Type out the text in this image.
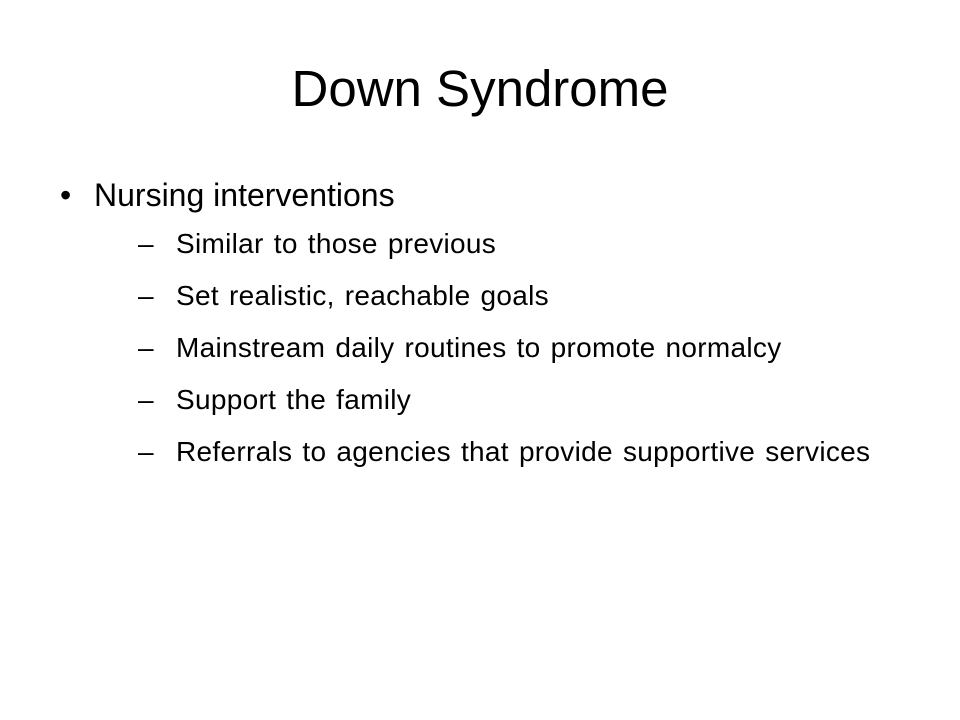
Down Syndrome
• Nursing interventions
– Similar to those previous
– Set realistic, reachable goals
– Mainstream daily routines to promote normalcy
– Support the family
– Referrals to agencies that provide supportive services
